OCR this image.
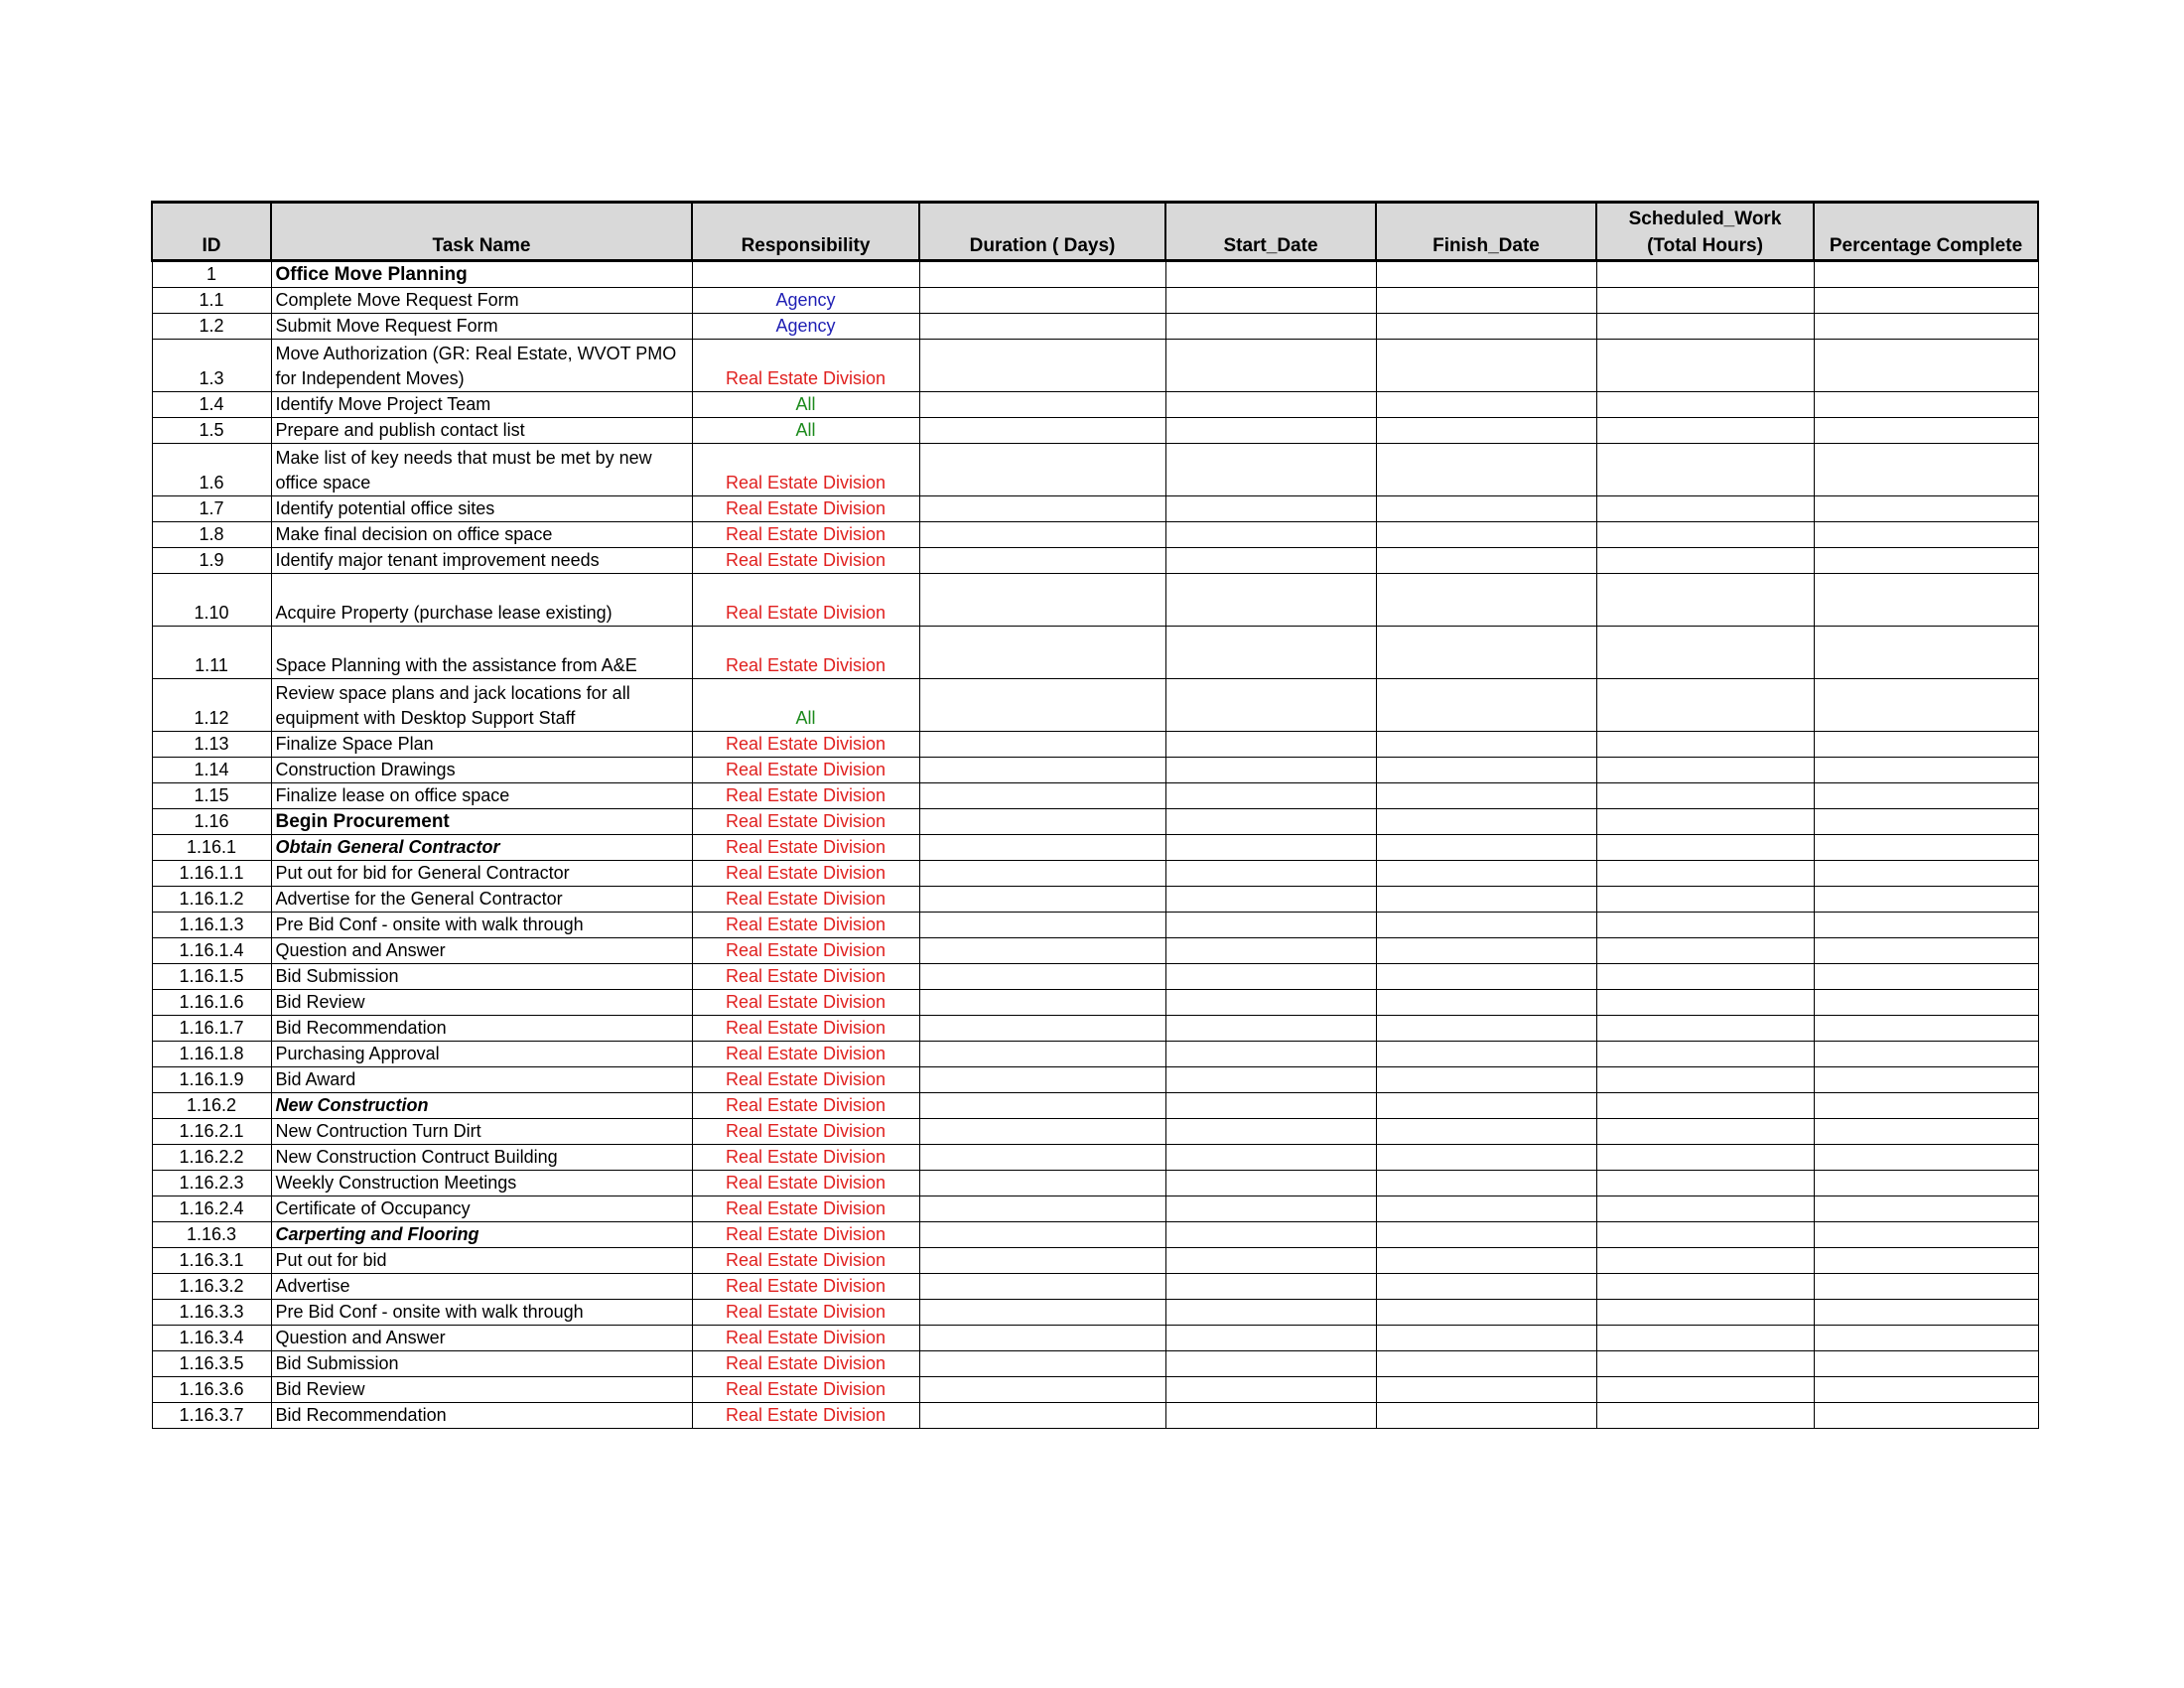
ID	Task Name	Responsibility	Duration ( Days)	Start_Date	Finish_Date	Scheduled_Work (Total Hours)	Percentage Complete
1	Office Move Planning						
1.1	Complete Move Request Form	Agency					
1.2	Submit Move Request Form	Agency					
1.3	Move Authorization (GR: Real Estate, WVOT PMO for Independent Moves)	Real Estate Division					
1.4	Identify Move Project Team	All					
1.5	Prepare and publish contact list	All					
1.6	Make list of key needs that must be met by new office space	Real Estate Division					
1.7	Identify potential office sites	Real Estate Division					
1.8	Make final decision on office space	Real Estate Division					
1.9	Identify major tenant improvement needs	Real Estate Division					
1.10	Acquire Property (purchase lease existing)	Real Estate Division					
1.11	Space Planning with the assistance from A&E	Real Estate Division					
1.12	Review space plans and jack locations for all equipment with Desktop Support Staff	All					
1.13	Finalize Space Plan	Real Estate Division					
1.14	Construction Drawings	Real Estate Division					
1.15	Finalize lease on office space	Real Estate Division					
1.16	Begin Procurement	Real Estate Division					
1.16.1	Obtain General Contractor	Real Estate Division					
1.16.1.1	Put out for bid for General Contractor	Real Estate Division					
1.16.1.2	Advertise for the General Contractor	Real Estate Division					
1.16.1.3	Pre Bid Conf - onsite with walk through	Real Estate Division					
1.16.1.4	Question and Answer	Real Estate Division					
1.16.1.5	Bid Submission	Real Estate Division					
1.16.1.6	Bid Review	Real Estate Division					
1.16.1.7	Bid Recommendation	Real Estate Division					
1.16.1.8	Purchasing Approval	Real Estate Division					
1.16.1.9	Bid Award	Real Estate Division					
1.16.2	New Construction	Real Estate Division					
1.16.2.1	New Contruction Turn Dirt	Real Estate Division					
1.16.2.2	New Construction Contruct Building	Real Estate Division					
1.16.2.3	Weekly Construction Meetings	Real Estate Division					
1.16.2.4	Certificate of Occupancy	Real Estate Division					
1.16.3	Carperting and Flooring	Real Estate Division					
1.16.3.1	Put out for bid	Real Estate Division					
1.16.3.2	Advertise	Real Estate Division					
1.16.3.3	Pre Bid Conf - onsite with walk through	Real Estate Division					
1.16.3.4	Question and Answer	Real Estate Division					
1.16.3.5	Bid Submission	Real Estate Division					
1.16.3.6	Bid Review	Real Estate Division					
1.16.3.7	Bid Recommendation	Real Estate Division					
